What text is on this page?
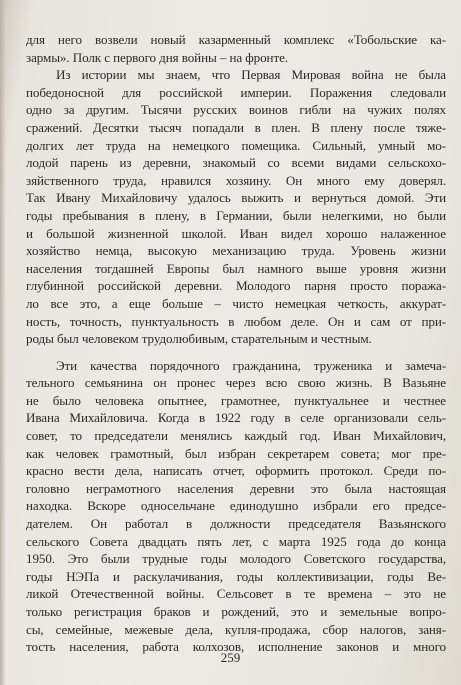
для него возвели новый казарменный комплекс «Тобольские ка-
зармы». Полк с первого дня войны – на фронте.
Из истории мы знаем, что Первая Мировая война не была
победоносной для российской империи. Поражения следовали
одно за другим. Тысячи русских воинов гибли на чужих полях
сражений. Десятки тысяч попадали в плен. В плену после тяже-
долгих лет труда на немецкого помещика. Сильный, умный мо-
лодой парень из деревни, знакомый со всеми видами сельскохо-
зяйственного труда, нравился хозяину. Он много ему доверял.
Так Ивану Михайловичу удалось выжить и вернуться домой. Эти
годы пребывания в плену, в Германии, были нелегкими, но были
и большой жизненной школой. Иван видел хорошо налаженное
хозяйство немца, высокую механизацию труда. Уровень жизни
населения тогдашней Европы был намного выше уровня жизни
глубинной российской деревни. Молодого парня просто поража-
ло все это, а еще больше – чисто немецкая четкость, аккурат-
ность, точность, пунктуальность в любом деле. Он и сам от при-
роды был человеком трудолюбивым, старательным и честным.
Эти качества порядочного гражданина, труженика и замеча-
тельного семьянина он пронес через всю свою жизнь. В Вазьяне
не было человека опытнее, грамотнее, пунктуальнее и честнее
Ивана Михайловича. Когда в 1922 году в селе организовали сель-
совет, то председатели менялись каждый год. Иван Михайлович,
как человек грамотный, был избран секретарем совета; мог пре-
красно вести дела, написать отчет, оформить протокол. Среди по-
головно неграмотного населения деревни это была настоящая
находка. Вскоре односельчане единодушно избрали его предсе-
дателем. Он работал в должности председателя Вазьянского
сельского Совета двадцать пять лет, с марта 1925 года до конца
1950. Это были трудные годы молодого Советского государства,
годы НЭПа и раскулачивания, годы коллективизации, годы Ве-
ликой Отечественной войны. Сельсовет в те времена – это не
только регистрация браков и рождений, это и земельные вопро-
сы, семейные, межевые дела, купля-продажа, сбор налогов, заня-
тость населения, работа колхозов, исполнение законов и много
259
